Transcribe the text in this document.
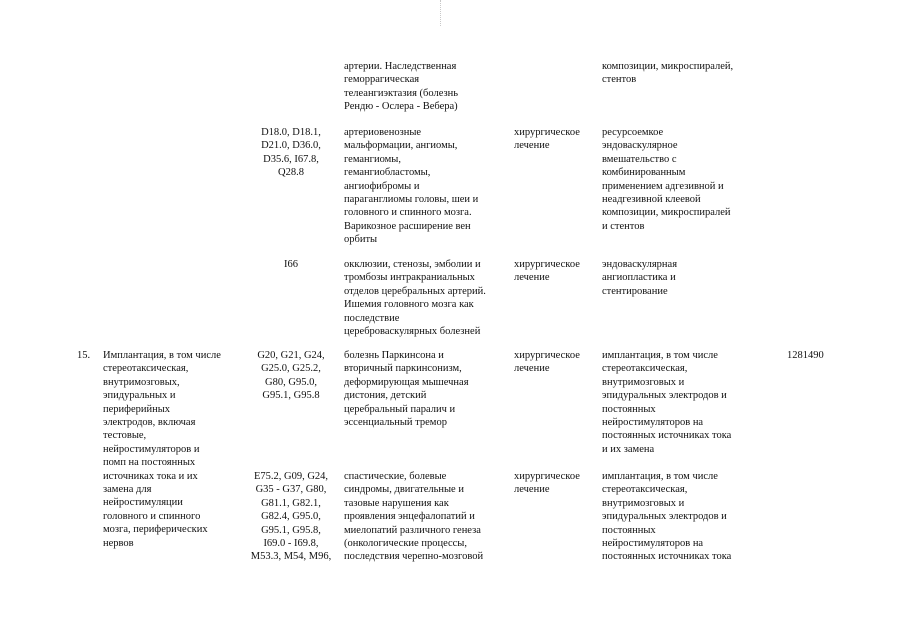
артерии. Наследственная
геморрагическая
телеангиэктазия (болезнь
Рендю - Ослера - Вебера)
композиции, микроспиралей,
стентов
D18.0, D18.1,
D21.0, D36.0,
D35.6, I67.8,
Q28.8
артериовенозные
мальформации, ангиомы,
гемангиомы,
гемангиобластомы,
ангиофибромы и
параганглиомы головы, шеи и
головного и спинного мозга.
Варикозное расширение вен
орбиты
хирургическое
лечение
ресурсоемкое
эндоваскулярное
вмешательство с
комбинированным
применением адгезивной и
неадгезивной клеевой
композиции, микроспиралей
и стентов
I66	окклюзии, стенозы, эмболии и
тромбозы интракраниальных
отделов церебральных артерий.
Ишемия головного мозга как
последствие
цереброваскулярных болезней
хирургическое
лечение
эндоваскулярная
ангиопластика и
стентирование
15. Имплантация, в том числе
стереотаксическая,
внутримозговых,
эпидуральных и
периферийных
электродов, включая
тестовые,
нейростимуляторов и
помп на постоянных
источниках тока и их
замена для
нейростимуляции
головного и спинного
мозга, периферических
нервов
G20, G21, G24,
G25.0, G25.2,
G80, G95.0,
G95.1, G95.8
болезнь Паркинсона и
вторичный паркинсонизм,
деформирующая мышечная
дистония, детский
церебральный паралич и
эссенциальный тремор
хирургическое
лечение
имплантация, в том числе
стереотаксическая,
внутримозговых и
эпидуральных электродов и
постоянных
нейростимуляторов на
постоянных источниках тока
и их замена
1281490
E75.2, G09, G24,
G35 - G37, G80,
G81.1, G82.1,
G82.4, G95.0,
G95.1, G95.8,
I69.0 - I69.8,
M53.3, M54, M96,
спастические, болевые
синдромы, двигательные и
тазовые нарушения как
проявления энцефалопатий и
миелопатий различного генеза
(онкологические процессы,
последствия черепно-мозговой
хирургическое
лечение
имплантация, в том числе
стереотаксическая,
внутримозговых и
эпидуральных электродов и
постоянных
нейростимуляторов на
постоянных источниках тока
